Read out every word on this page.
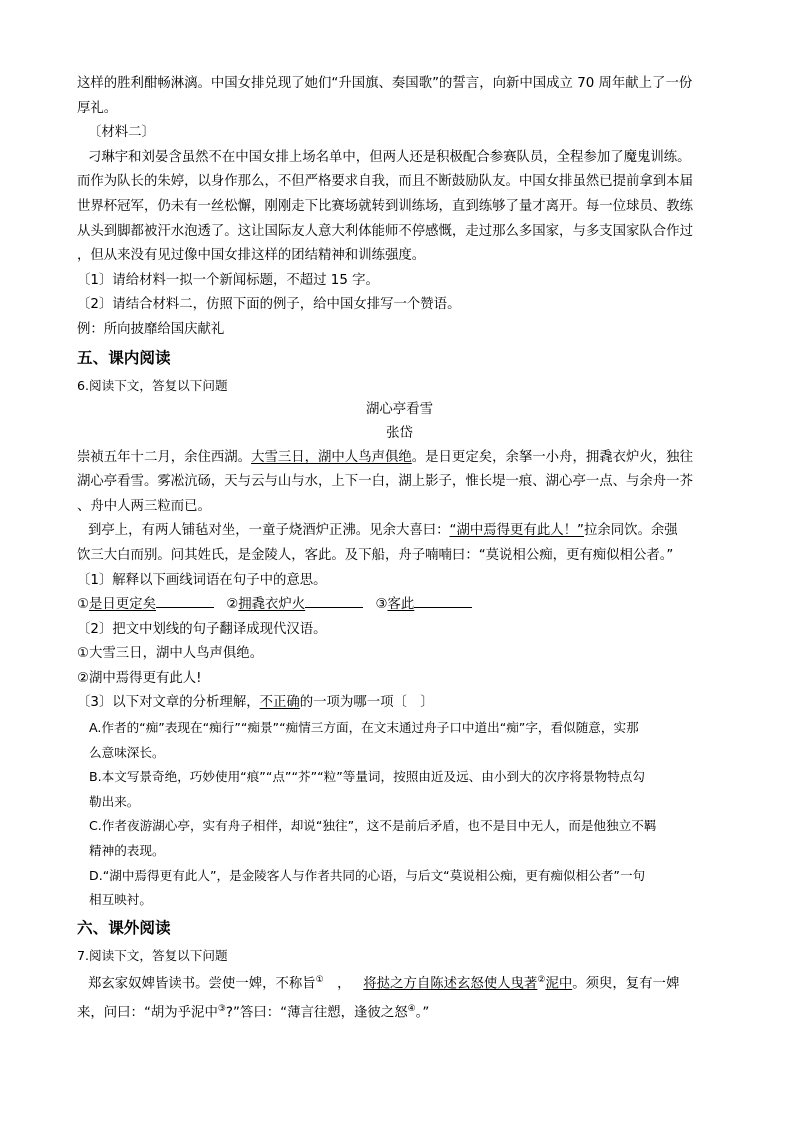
这样的胜利酣畅淋漓。中国女排兑现了她们“升国旗、奏国歌”的誓言，向新中国成立 70 周年献上了一份
厚礼。
〔材料二〕
刁琳宇和刘晏含虽然不在中国女排上场名单中，但两人还是积极配合参赛队员，全程参加了魔鬼训练。
而作为队长的朱婷，以身作那么，不但严格要求自我，而且不断鼓励队友。中国女排虽然已提前拿到本届
世界杯冠军，仍未有一丝松懈，刚刚走下比赛场就转到训练场，直到练够了量才离开。每一位球员、教练
从头到脚都被汗水泡透了。这让国际友人意大利体能师不停感慨，走过那么多国家，与多支国家队合作过
，但从来没有见过像中国女排这样的团结精神和训练强度。
〔1〕请给材料一拟一个新闻标题，不超过 15 字。
〔2〕请结合材料二，仿照下面的例子，给中国女排写一个赞语。
例：所向披靡给国庆献礼
五、课内阅读
6.阅读下文，答复以下问题
湖心亭看雪
张岱
崇祯五年十二月，余住西湖。大雪三日，湖中人鸟声俱绝。是日更定矣，余拏一小舟，拥毳衣炉火，独往
湖心亭看雪。雾凇沆砀，天与云与山与水，上下一白，湖上影子，惟长堤一痕、湖心亭一点、与余舟一芥
、舟中人两三粒而已。
到亭上，有两人铺毡对坐，一童子烧酒炉正沸。见余大喜曰：“湖中焉得更有此人！”拉余同饮。余强
饮三大白而别。问其姓氏，是金陵人，客此。及下船，舟子喃喃曰：“莫说相公痴，更有痴似相公者。”
〔1〕解释以下画线词语在句子中的意思。
①是日更定矣	②拥毳衣炉火	③客此
〔2〕把文中划线的句子翻译成现代汉语。
①大雪三日，湖中人鸟声俱绝。
②湖中焉得更有此人!
〔3〕以下对文章的分析理解，不正确的一项为哪一项〔　〕
A.作者的“痴”表现在“痴行”“痴景”“痴情三方面，在文末通过舟子口中道出“痴”字，看似随意，实那
么意味深长。
B.本文写景奇绝，巧妙使用“痕”“点”“芥”“粒”等量词，按照由近及远、由小到大的次序将景物特点勾
勒出来。
C.作者夜游湖心亭，实有舟子相伴，却说“独往”，这不是前后矛盾，也不是目中无人，而是他独立不羁
精神的表现。
D.“湖中焉得更有此人”，是金陵客人与作者共同的心语，与后文“莫说相公痴，更有痴似相公者”一句
相互映衬。
六、课外阅读
7.阅读下文，答复以下问题
郑玄家奴婢皆读书。尝使一婢，不称旨①　， 将挞之方自陈述玄怒使人曳著②泥中。须臾，复有一婢
来，问曰：“胡为乎泥中③?”答曰：“薄言往愬，逢彼之怒④。”
